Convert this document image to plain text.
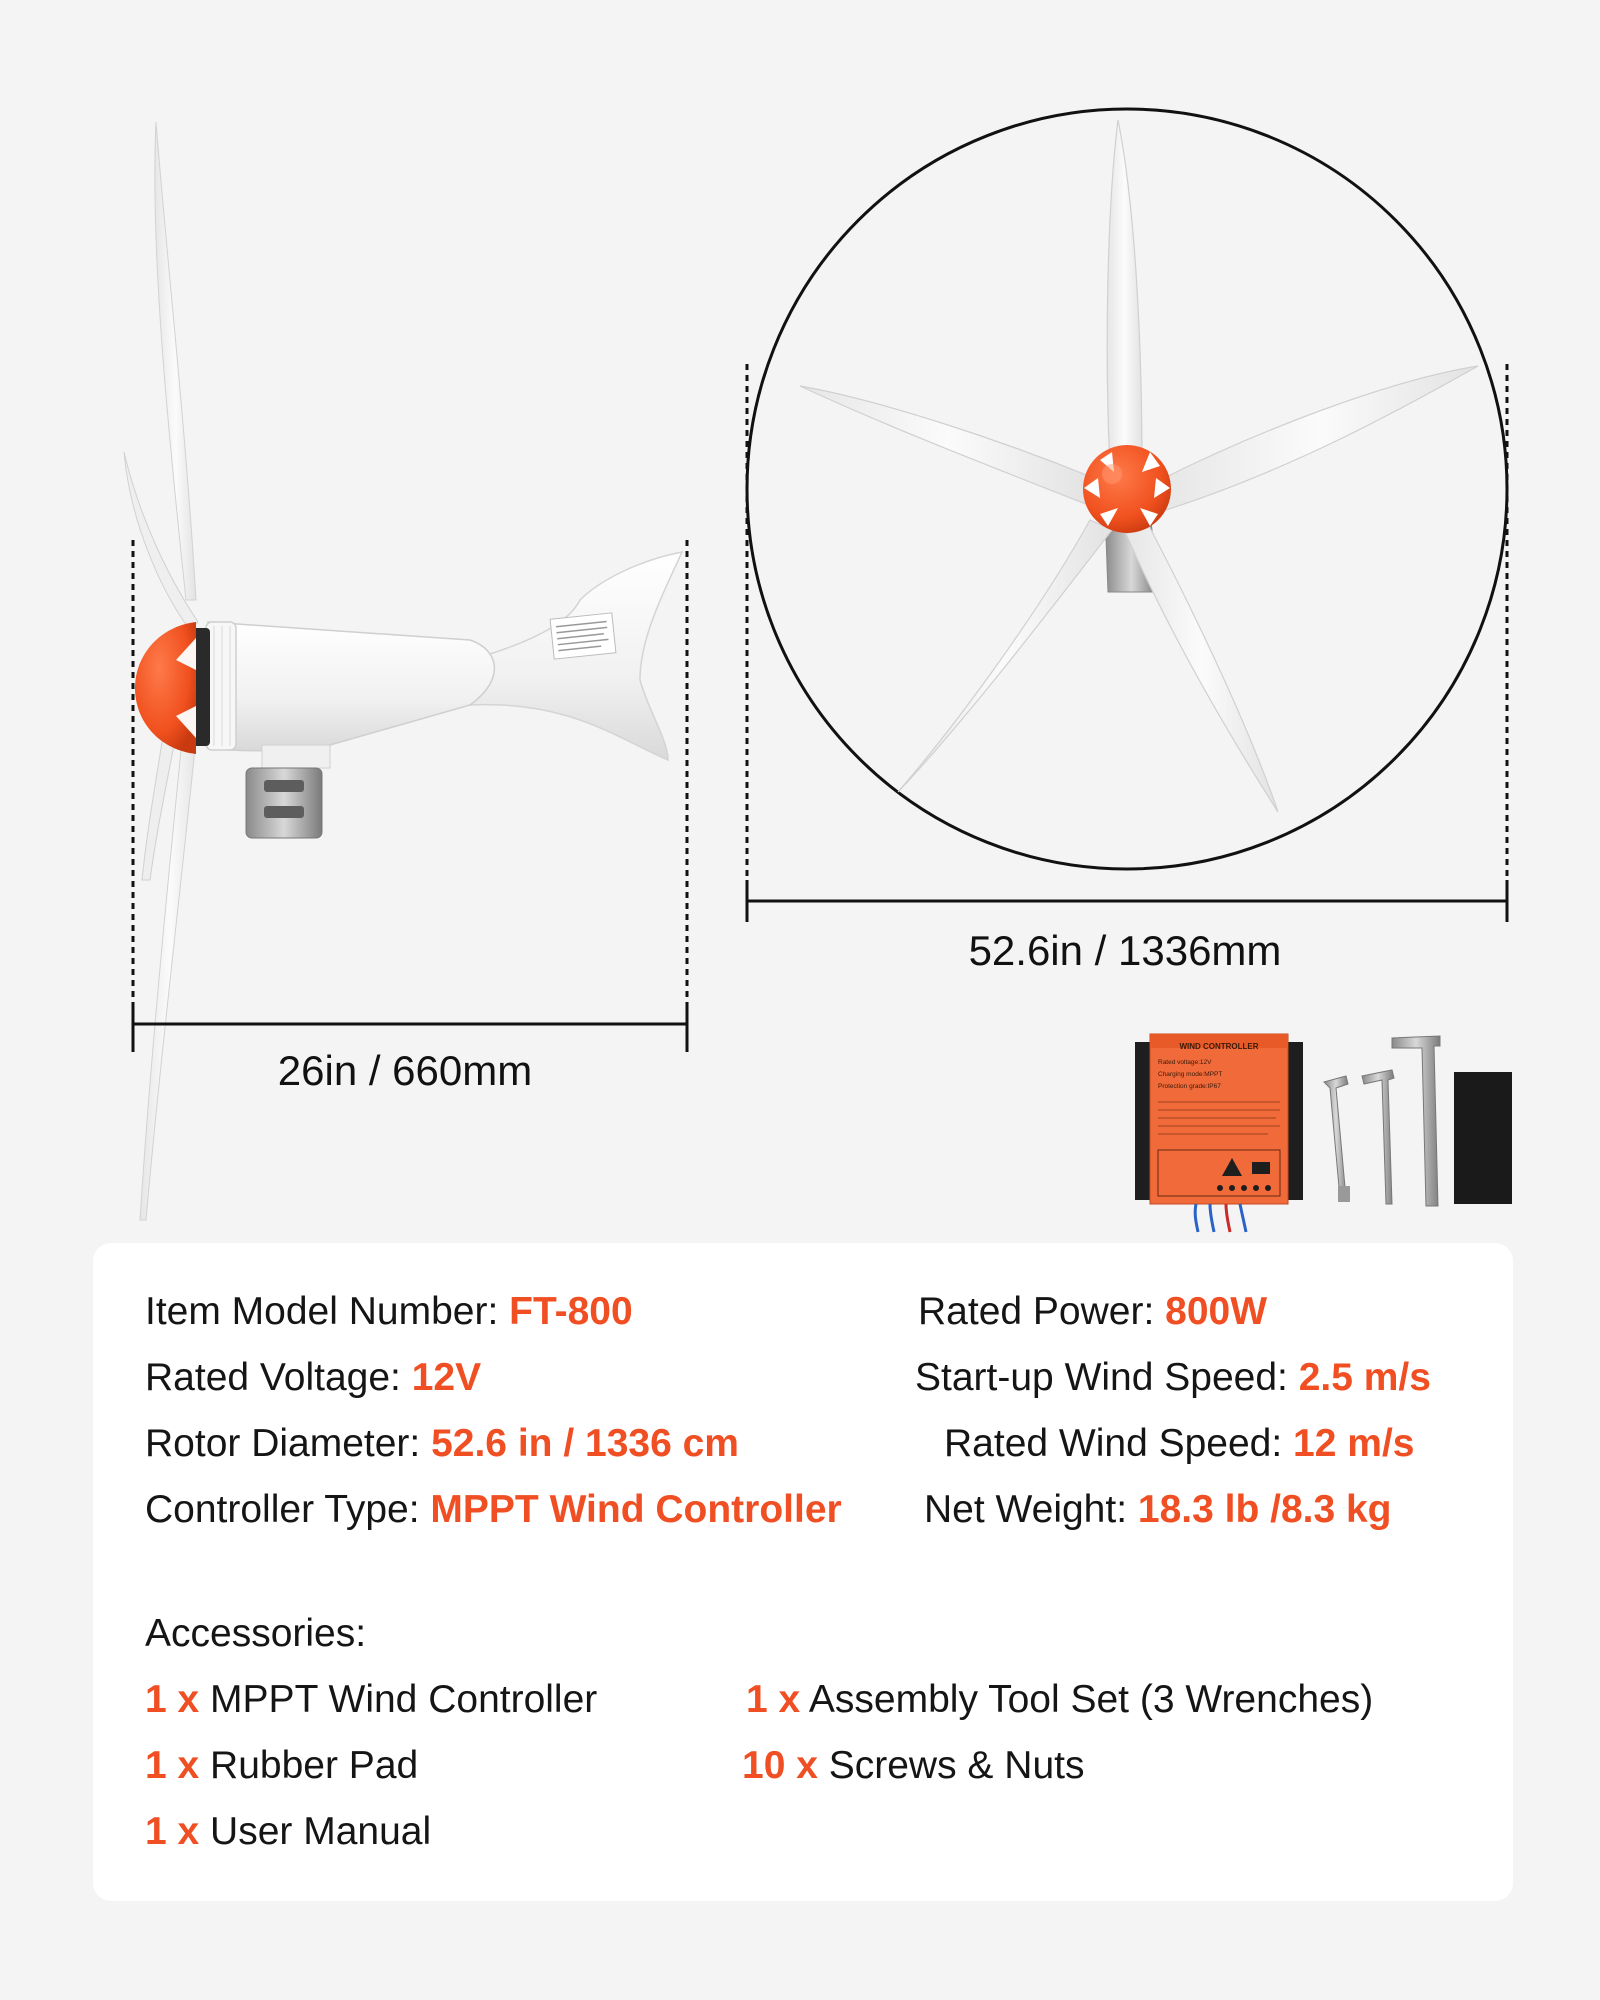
WIND CONTROLLER
Rated voltage:12V
Charging mode:MPPT
Protection grade:IP67
26in / 660mm
52.6in / 1336mm
Item Model Number: FT-800
Rated Voltage: 12V
Rotor Diameter: 52.6 in / 1336 cm
Controller Type: MPPT Wind Controller
Rated Power: 800W
Start-up Wind Speed: 2.5 m/s
Rated Wind Speed: 12 m/s
Net Weight: 18.3 lb /8.3 kg
Accessories:
1 x MPPT Wind Controller	1 x Assembly Tool Set (3 Wrenches)
1 x Rubber Pad	10 x Screws & Nuts
1 x User Manual
